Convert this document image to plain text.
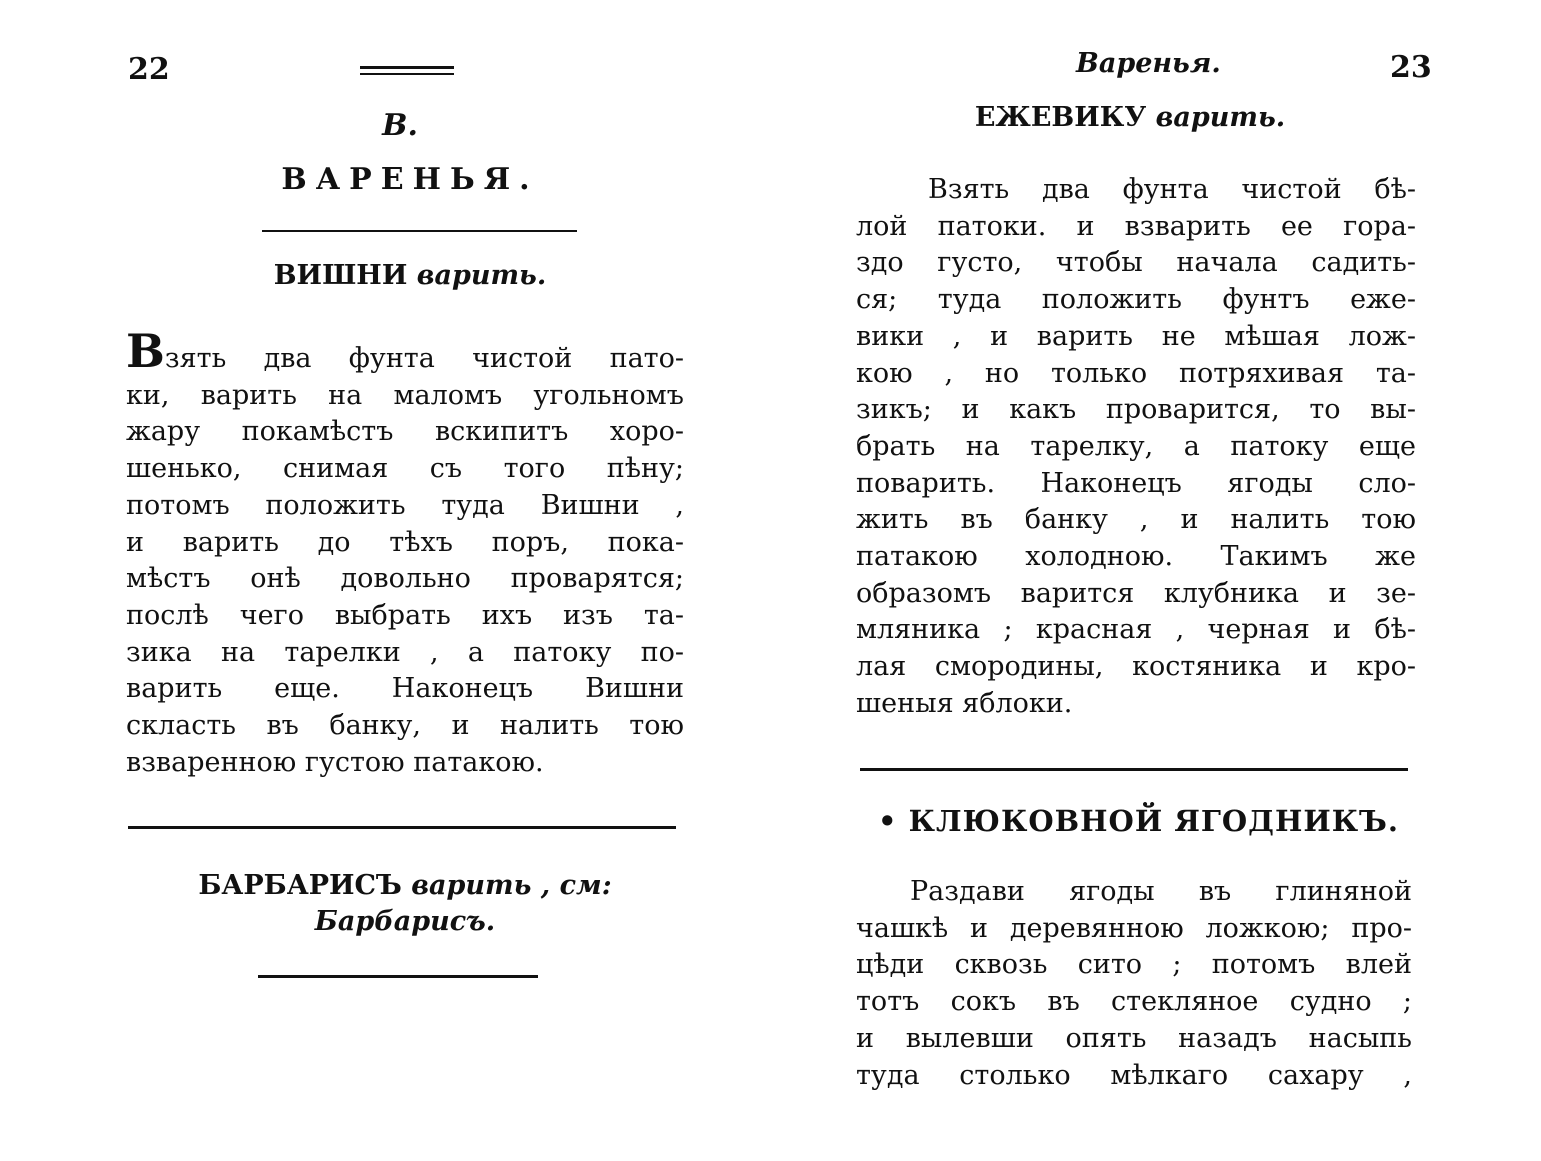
22
В.
ВАРЕНЬЯ.
ВИШНИ варить.
Взять два фунта чистой пато-
ки, варить на маломъ угольномъ
жару покамѣстъ вскипитъ хоро-
шенько, снимая съ того пѣну;
потомъ положить туда Вишни ,
и варить до тѣхъ поръ, пока-
мѣстъ онѣ довольно проварятся;
послѣ чего выбрать ихъ изъ та-
зика на тарелки , а патоку по-
варить еще. Наконецъ Вишни
скласть въ банку, и налить тою
взваренною густою патакою.
БАРБАРИСЪ варить , см:
Барбарисъ.
Варенья.	23
ЕЖЕВИКУ варить.
Взять два фунта чистой бѣ-
лой патоки. и взварить ее гора-
здо густо, чтобы начала садить-
ся; туда положить фунтъ еже-
вики , и варить не мѣшая лож-
кою , но только потряхивая та-
зикъ; и какъ проварится, то вы-
брать на тарелку, а патоку еще
поварить. Наконецъ ягоды сло-
жить въ банку , и налить тою
патакою холодною. Такимъ же
образомъ варится клубника и зе-
мляника ; красная , черная и бѣ-
лая смородины, костяника и кро-
шеныя яблоки.
• КЛЮКОВНОЙ ЯГОДНИКЪ.
Раздави ягоды въ глиняной
чашкѣ и деревянною ложкою; про-
цѣди сквозь сито ; потомъ влей
тотъ сокъ въ стекляное судно ;
и вылевши опять назадъ насыпь
туда столько мѣлкаго сахару ,
